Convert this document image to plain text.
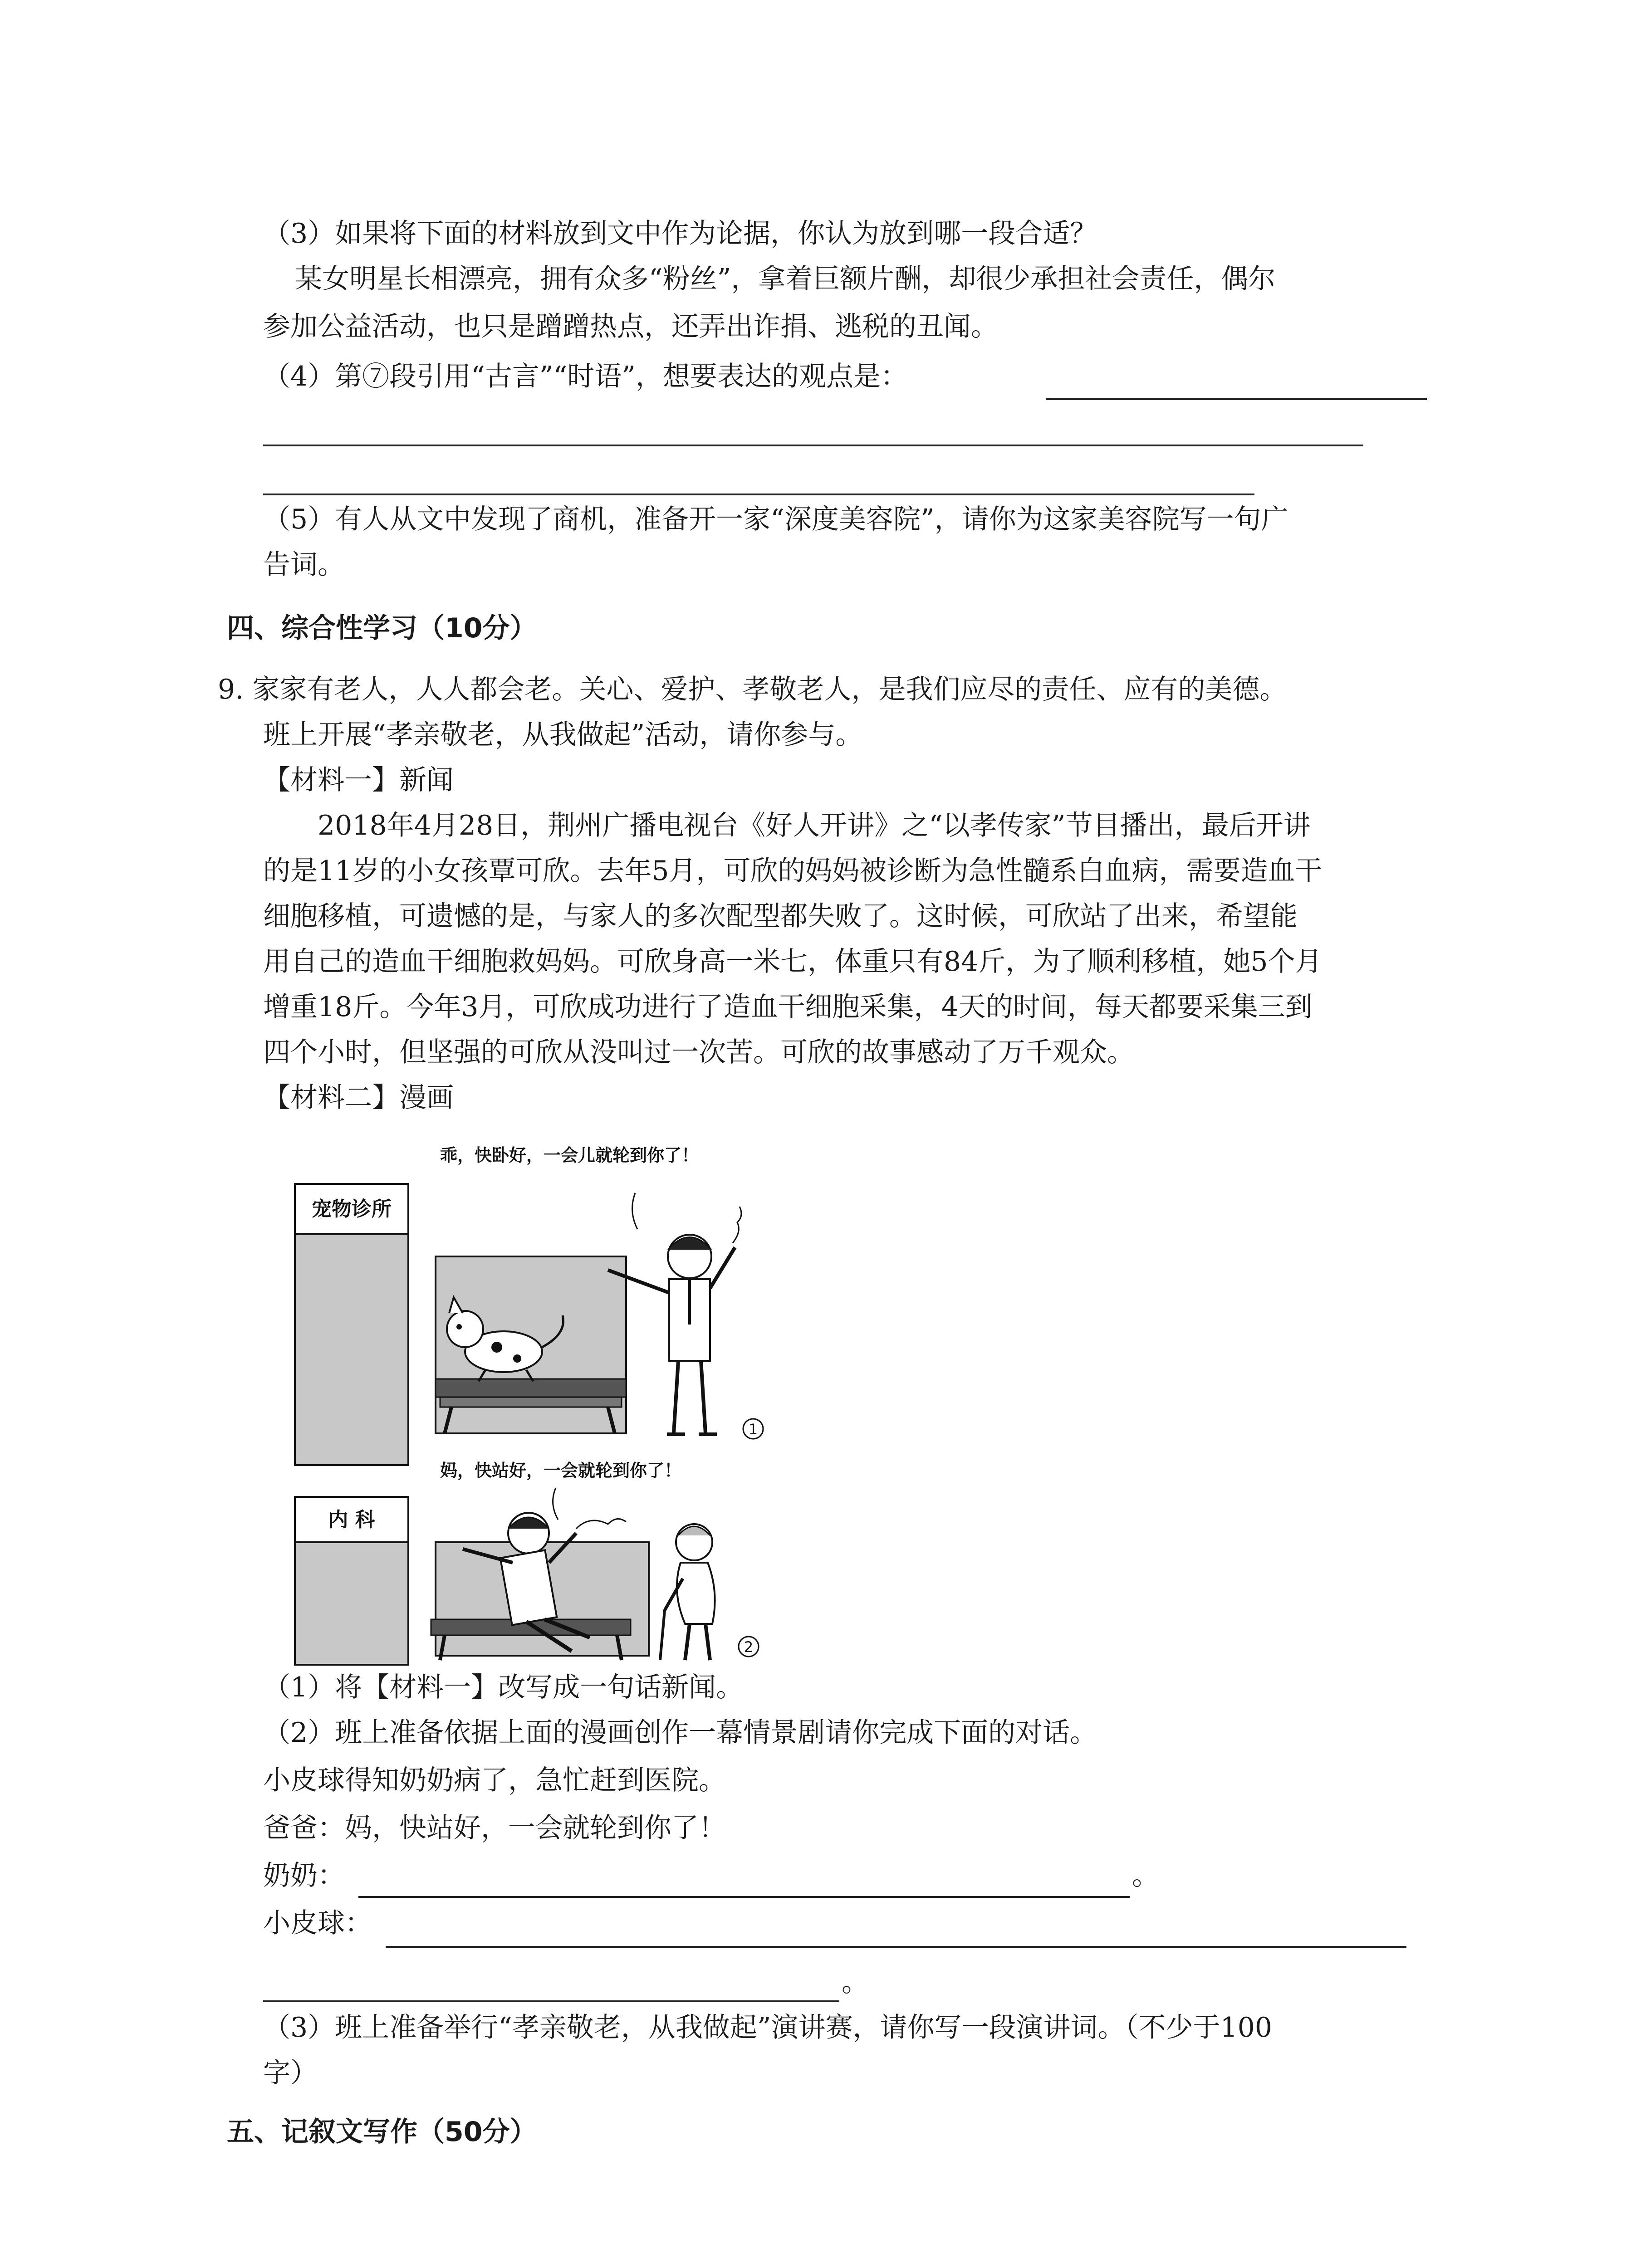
（3）如果将下面的材料放到文中作为论据，你认为放到哪一段合适？
某女明星长相漂亮，拥有众多“粉丝”，拿着巨额片酬，却很少承担社会责任，偶尔
参加公益活动，也只是蹭蹭热点，还弄出诈捐、逃税的丑闻。
（4）第⑦段引用“古言”“时语”，想要表达的观点是：
（5）有人从文中发现了商机，准备开一家“深度美容院”，请你为这家美容院写一句广
告词。
四、综合性学习（10分）
9. 家家有老人，人人都会老。关心、爱护、孝敬老人，是我们应尽的责任、应有的美德。
班上开展“孝亲敬老，从我做起”活动，请你参与。
【材料一】新闻
2018年4月28日，荆州广播电视台《好人开讲》之“以孝传家”节目播出，最后开讲
的是11岁的小女孩覃可欣。去年5月，可欣的妈妈被诊断为急性髓系白血病，需要造血干
细胞移植，可遗憾的是，与家人的多次配型都失败了。这时候，可欣站了出来，希望能
用自己的造血干细胞救妈妈。可欣身高一米七，体重只有84斤，为了顺利移植，她5个月
增重18斤。今年3月，可欣成功进行了造血干细胞采集，4天的时间，每天都要采集三到
四个小时，但坚强的可欣从没叫过一次苦。可欣的故事感动了万千观众。
【材料二】漫画
乖，快卧好，一会儿就轮到你了！
宠物诊所
1
妈，快站好，一会就轮到你了！
内 科
2
（1）将【材料一】改写成一句话新闻。
（2）班上准备依据上面的漫画创作一幕情景剧请你完成下面的对话。
小皮球得知奶奶病了，急忙赶到医院。
爸爸：妈，快站好，一会就轮到你了！
奶奶：	。
小皮球：
。
（3）班上准备举行“孝亲敬老，从我做起”演讲赛，请你写一段演讲词。（不少于100
字）
五、记叙文写作（50分）
